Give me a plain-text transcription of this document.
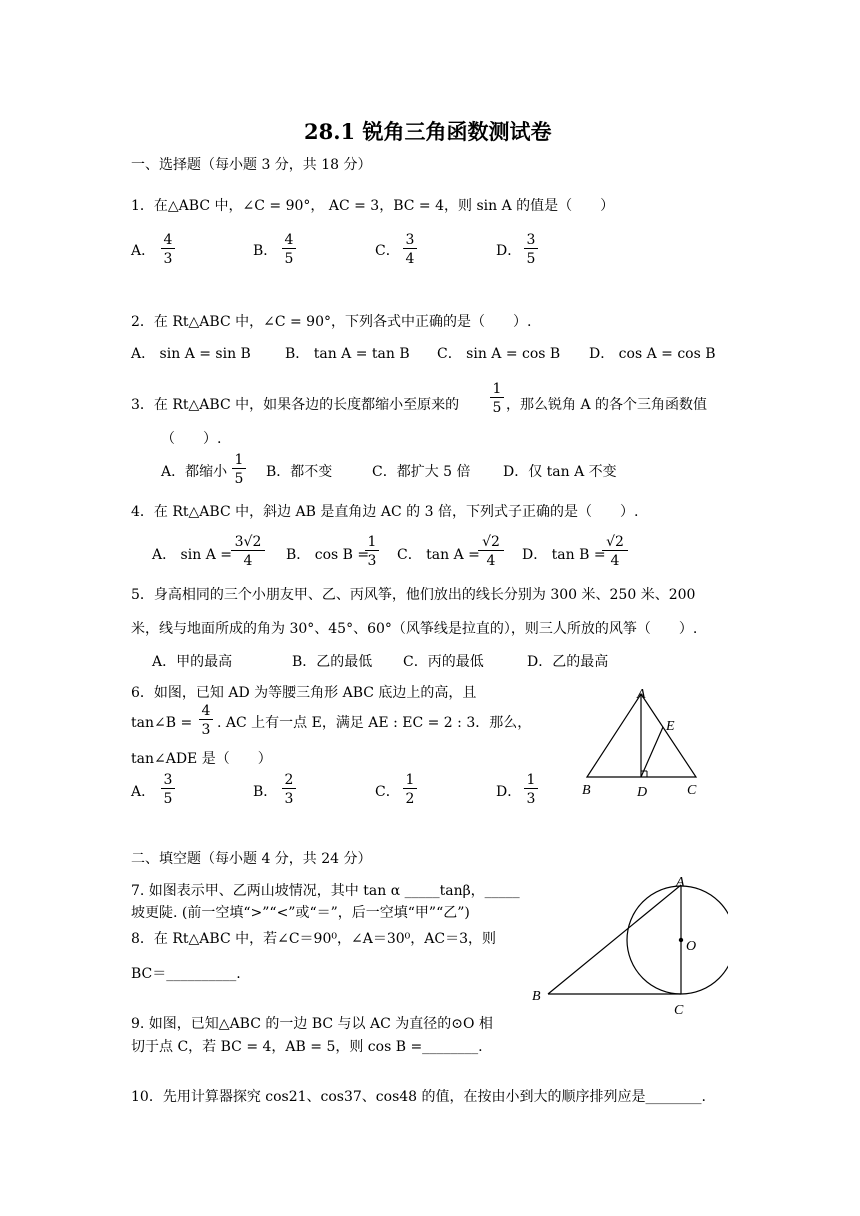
28.1 锐角三角函数测试卷
一、选择题（每小题 3 分，共 18 分）
1．在△ABC 中，∠C = 90°， AC = 3，BC = 4，则 sin A 的值是（　　）
A． $\frac{4}{3}$	B． $\frac{4}{5}$	C． $\frac{3}{4}$	D． $\frac{3}{5}$
2．在 Rt△ABC 中，∠C = 90°，下列各式中正确的是（　　）.
A． sin A = sin B B． tan A = tan B C． sin A = cos B D． cos A = cos B
3．在 Rt△ABC 中，如果各边的长度都缩小至原来的 $\frac{1}{5}$ ，那么锐角 A 的各个三角函数值
（　　）.
A．都缩小 $\frac{1}{5}$ B．都不变	C．都扩大 5 倍 D．仅 tan A 不变
4．在 Rt△ABC 中，斜边 AB 是直角边 AC 的 3 倍，下列式子正确的是（　　）.
A． $\sin A = \frac{3√2}{4}$ B． cos B =
$\frac{1}{3}$ C． tan A =
$\frac{√2}{4}$ D． tan B =
$\frac{√2}{4}$
5．身高相同的三个小朋友甲、乙、丙风筝，他们放出的线长分别为 300 米、250 米、200
米，线与地面所成的角为 30°、45°、60°（风筝线是拉直的），则三人所放的风筝（　　）.
A．甲的最高	B．乙的最低 C．丙的最低	D．乙的最高
6．如图，已知 AD 为等腰三角形 ABC 底边上的高，且
tan∠B = $\frac{4}{3}$ . AC 上有一点 E，满足 AE : EC = 2 : 3．那么，
tan∠ADE 是（　　）
A． $\frac{3}{5}$	B． $\frac{2}{3}$	C． $\frac{1}{2}$	D． $\frac{1}{3}$
A
E
B	D	C
二、填空题（每小题 4 分，共 24 分）
7. 如图表示甲、乙两山坡情况，其中 tan α _____tanβ，_____
坡更陡. (前一空填“>”“<”或“＝”，后一空填“甲”“乙”)
8．在 Rt△ABC 中，若∠C＝90⁰，∠A＝30⁰，AC＝3，则
BC＝__________.
9. 如图，已知△ABC 的一边 BC 与以 AC 为直径的⊙O 相
切于点 C，若 BC = 4，AB = 5，则 cos B =________.
A
O
B
C
10．先用计算器探究 cos21、cos37、cos48 的值，在按由小到大的顺序排列应是________.
